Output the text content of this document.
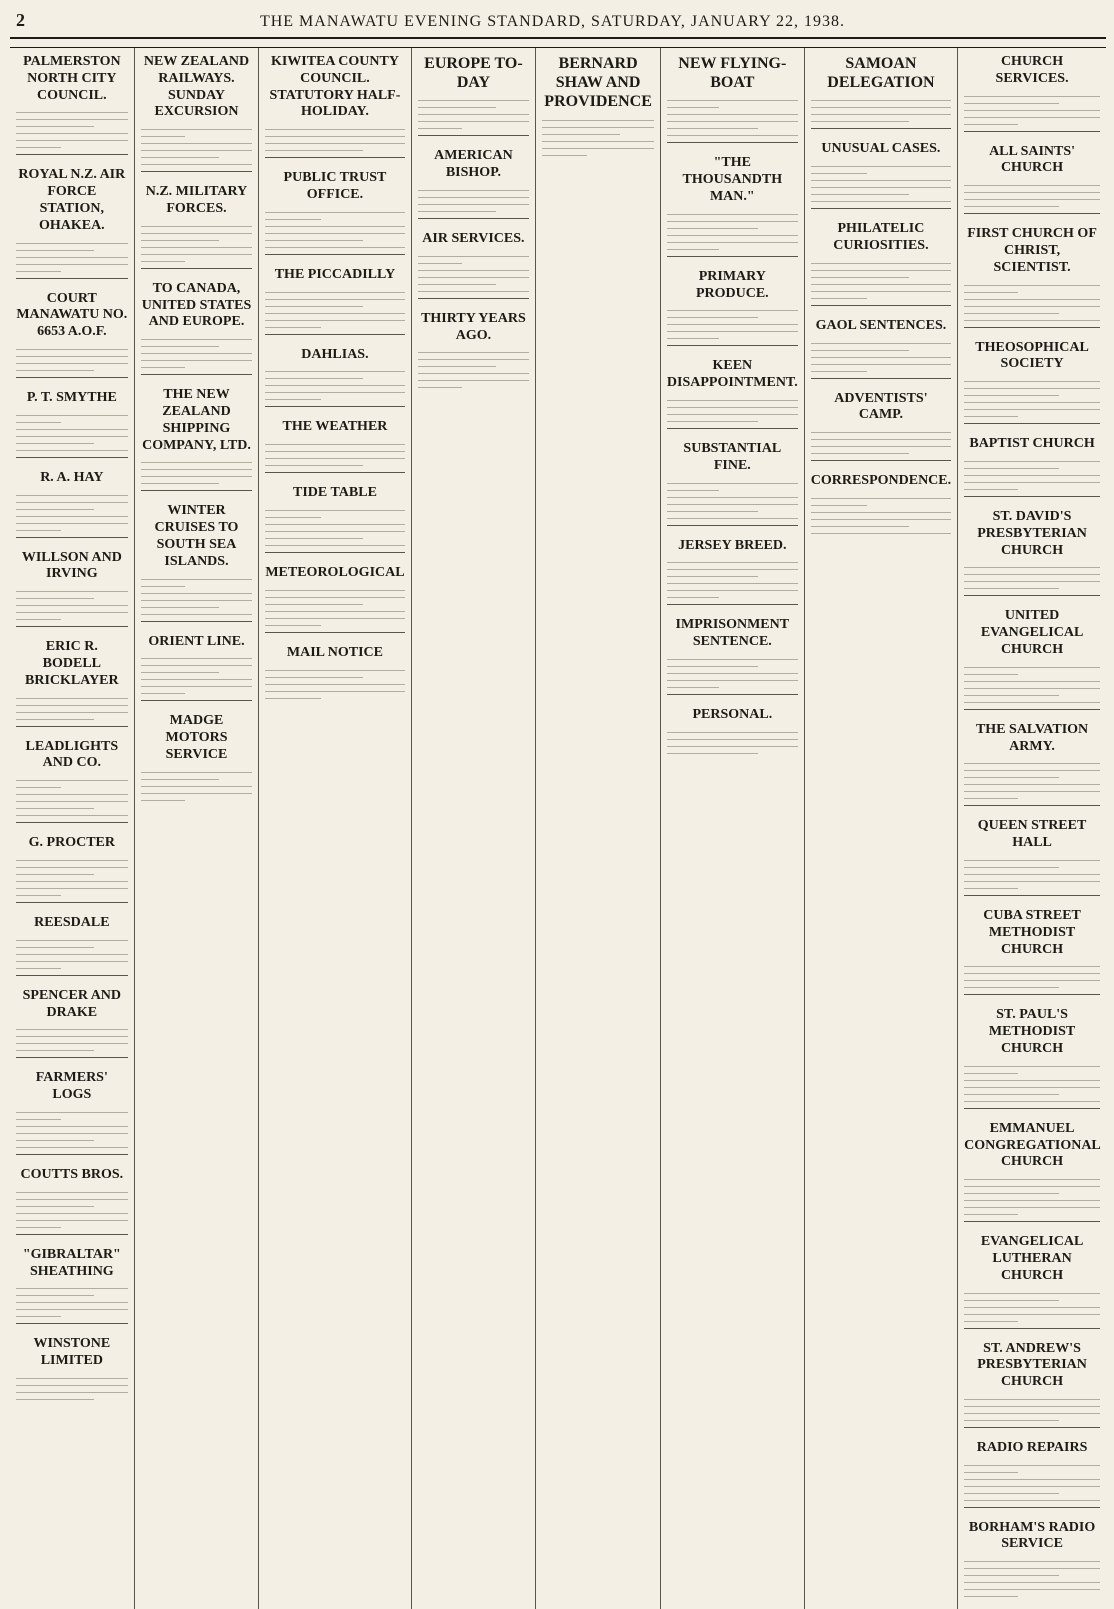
2	THE MANAWATU EVENING STANDARD, SATURDAY, JANUARY 22, 1938.
PALMERSTON NORTH CITY COUNCIL.
ROYAL N.Z. AIR FORCE STATION, OHAKEA.
COURT MANAWATU NO. 6653 A.O.F.
P. T. SMYTHE
R. A. HAY
WILLSON AND IRVING
ERIC R. BODELL BRICKLAYER
LEADLIGHTS AND CO.
G. PROCTER
REESDALE
SPENCER AND DRAKE
FARMERS' LOGS
COUTTS BROS.
"GIBRALTAR" SHEATHING
WINSTONE LIMITED
NEW ZEALAND RAILWAYS. SUNDAY EXCURSION
N.Z. MILITARY FORCES.
TO CANADA, UNITED STATES AND EUROPE.
THE NEW ZEALAND SHIPPING COMPANY, LTD.
WINTER CRUISES TO SOUTH SEA ISLANDS.
ORIENT LINE.
MADGE MOTORS SERVICE
KIWITEA COUNTY COUNCIL. STATUTORY HALF-HOLIDAY.
PUBLIC TRUST OFFICE.
THE PICCADILLY
DAHLIAS.
THE WEATHER
TIDE TABLE
METEOROLOGICAL
MAIL NOTICE
EUROPE TO-DAY
AMERICAN BISHOP.
AIR SERVICES.
THIRTY YEARS AGO.
BERNARD SHAW AND PROVIDENCE
NEW FLYING-BOAT
"THE THOUSANDTH MAN."
PRIMARY PRODUCE.
KEEN DISAPPOINTMENT.
SUBSTANTIAL FINE.
JERSEY BREED.
IMPRISONMENT SENTENCE.
PERSONAL.
SAMOAN DELEGATION
UNUSUAL CASES.
PHILATELIC CURIOSITIES.
GAOL SENTENCES.
ADVENTISTS' CAMP.
CORRESPONDENCE.
CHURCH SERVICES.
ALL SAINTS' CHURCH
FIRST CHURCH OF CHRIST, SCIENTIST.
THEOSOPHICAL SOCIETY
BAPTIST CHURCH
ST. DAVID'S PRESBYTERIAN CHURCH
UNITED EVANGELICAL CHURCH
THE SALVATION ARMY.
QUEEN STREET HALL
CUBA STREET METHODIST CHURCH
ST. PAUL'S METHODIST CHURCH
EMMANUEL CONGREGATIONAL CHURCH
EVANGELICAL LUTHERAN CHURCH
ST. ANDREW'S PRESBYTERIAN CHURCH
RADIO REPAIRS
BORHAM'S RADIO SERVICE
